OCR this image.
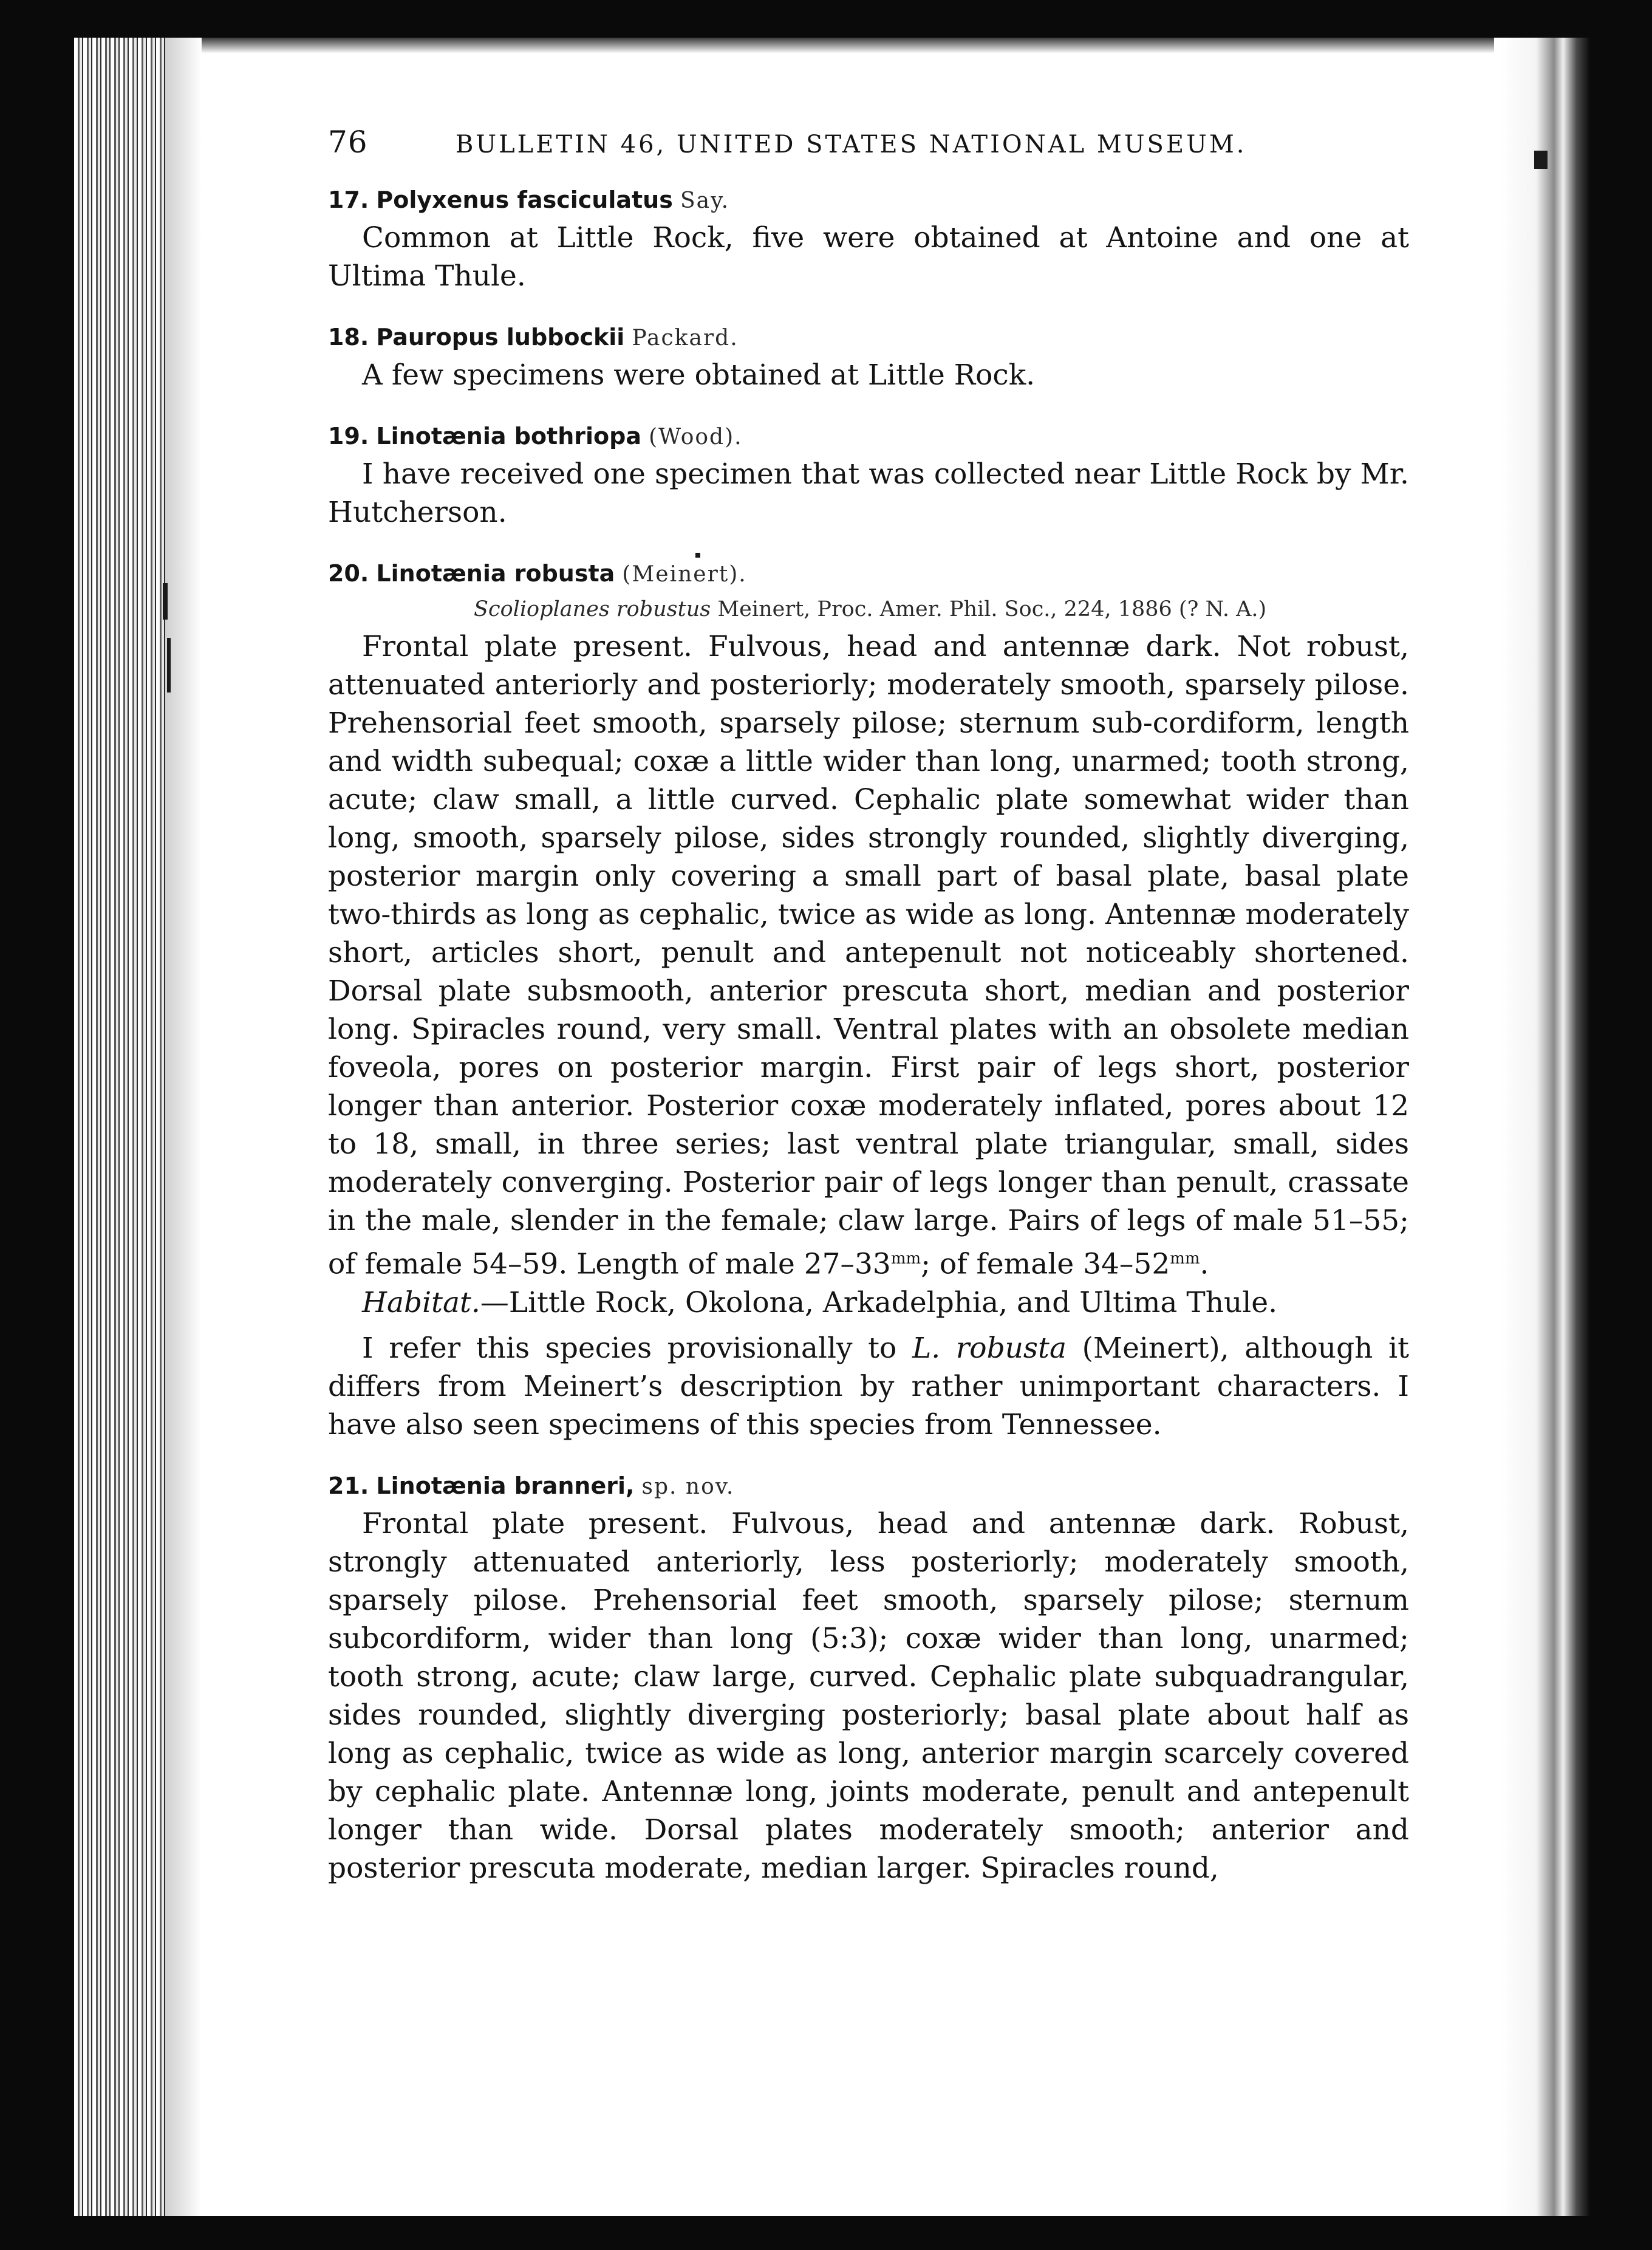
76	BULLETIN 46, UNITED STATES NATIONAL MUSEUM.

17. Polyxenus fasciculatus Say.

Common at Little Rock, five were obtained at Antoine and one at Ultima Thule.

18. Pauropus lubbockii Packard.

A few specimens were obtained at Little Rock.

19. Linotænia bothriopa (Wood).

I have received one specimen that was collected near Little Rock by Mr. Hutcherson.

20. Linotænia robusta (Meinert).

Scolioplanes robustus Meinert, Proc. Amer. Phil. Soc., 224, 1886 (? N. A.)

Frontal plate present. Fulvous, head and antennæ dark. Not robust, attenuated anteriorly and posteriorly; moderately smooth, sparsely pilose. Prehensorial feet smooth, sparsely pilose; sternum sub-cordiform, length and width subequal; coxæ a little wider than long, unarmed; tooth strong, acute; claw small, a little curved. Cephalic plate somewhat wider than long, smooth, sparsely pilose, sides strongly rounded, slightly diverging, posterior margin only covering a small part of basal plate, basal plate two-thirds as long as cephalic, twice as wide as long. Antennæ moderately short, articles short, penult and antepenult not noticeably shortened. Dorsal plate subsmooth, anterior prescuta short, median and posterior long. Spiracles round, very small. Ventral plates with an obsolete median foveola, pores on posterior margin. First pair of legs short, posterior longer than anterior. Posterior coxæ moderately inflated, pores about 12 to 18, small, in three series; last ventral plate triangular, small, sides moderately converging. Posterior pair of legs longer than penult, crassate in the male, slender in the female; claw large. Pairs of legs of male 51–55; of female 54–59. Length of male $27-33^{mm}$; of female $34-52^{mm}$.

Habitat.—Little Rock, Okolona, Arkadelphia, and Ultima Thule.

I refer this species provisionally to L. robusta (Meinert), although it differs from Meinert’s description by rather unimportant characters. I have also seen specimens of this species from Tennessee.

21. Linotænia branneri, sp. nov.

Frontal plate present. Fulvous, head and antennæ dark. Robust, strongly attenuated anteriorly, less posteriorly; moderately smooth, sparsely pilose. Prehensorial feet smooth, sparsely pilose; sternum subcordiform, wider than long (5:3); coxæ wider than long, unarmed; tooth strong, acute; claw large, curved. Cephalic plate subquadrangular, sides rounded, slightly diverging posteriorly; basal plate about half as long as cephalic, twice as wide as long, anterior margin scarcely covered by cephalic plate. Antennæ long, joints moderate, penult and antepenult longer than wide. Dorsal plates moderately smooth; anterior and posterior prescuta moderate, median larger. Spiracles round,
